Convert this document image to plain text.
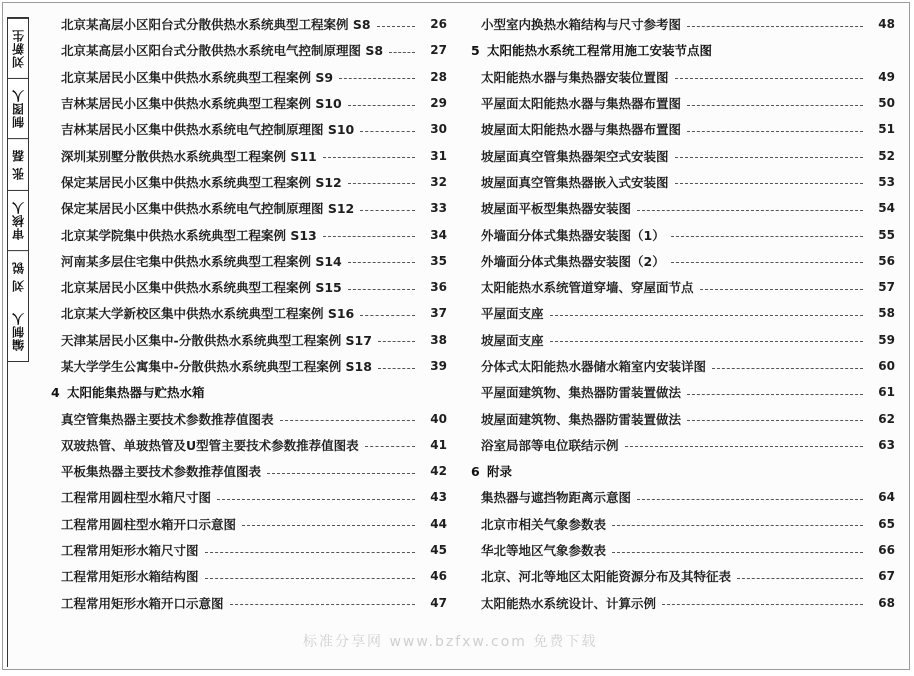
刘新生
制图人
张 磊
审核人
刘 锐
编制人
北京某高层小区阳台式分散供热水系统典型工程案例 S8	26
北京某高层小区阳台式分散供热水系统电气控制原理图 S8	27
北京某居民小区集中供热水系统典型工程案例 S9	28
吉林某居民小区集中供热水系统典型工程案例 S10	29
吉林某居民小区集中供热水系统电气控制原理图 S10	30
深圳某别墅分散供热水系统典型工程案例 S11	31
保定某居民小区集中供热水系统典型工程案例 S12	32
保定某居民小区集中供热水系统电气控制原理图 S12	33
北京某学院集中供热水系统典型工程案例 S13	34
河南某多层住宅集中供热水系统典型工程案例 S14	35
北京某居民小区集中供热水系统典型工程案例 S15	36
北京某大学新校区集中供热水系统典型工程案例 S16	37
天津某居民小区集中-分散供热水系统典型工程案例 S17	38
某大学学生公寓集中-分散供热水系统典型工程案例 S18	39
4 太阳能集热器与贮热水箱
真空管集热器主要技术参数推荐值图表	40
双玻热管、单玻热管及U型管主要技术参数推荐值图表	41
平板集热器主要技术参数推荐值图表	42
工程常用圆柱型水箱尺寸图	43
工程常用圆柱型水箱开口示意图	44
工程常用矩形水箱尺寸图	45
工程常用矩形水箱结构图	46
工程常用矩形水箱开口示意图	47
小型室内换热水箱结构与尺寸参考图	48
5 太阳能热水系统工程常用施工安装节点图
太阳能热水器与集热器安装位置图	49
平屋面太阳能热水器与集热器布置图	50
坡屋面太阳能热水器与集热器布置图	51
坡屋面真空管集热器架空式安装图	52
坡屋面真空管集热器嵌入式安装图	53
坡屋面平板型集热器安装图	54
外墙面分体式集热器安装图（1）	55
外墙面分体式集热器安装图（2）	56
太阳能热水系统管道穿墙、穿屋面节点	57
平屋面支座	58
坡屋面支座	59
分体式太阳能热水器储水箱室内安装详图	60
平屋面建筑物、集热器防雷装置做法	61
坡屋面建筑物、集热器防雷装置做法	62
浴室局部等电位联结示例	63
6 附录
集热器与遮挡物距离示意图	64
北京市相关气象参数表	65
华北等地区气象参数表	66
北京、河北等地区太阳能资源分布及其特征表	67
太阳能热水系统设计、计算示例	68
标准分享网 www.bzfxw.com 免费下载
